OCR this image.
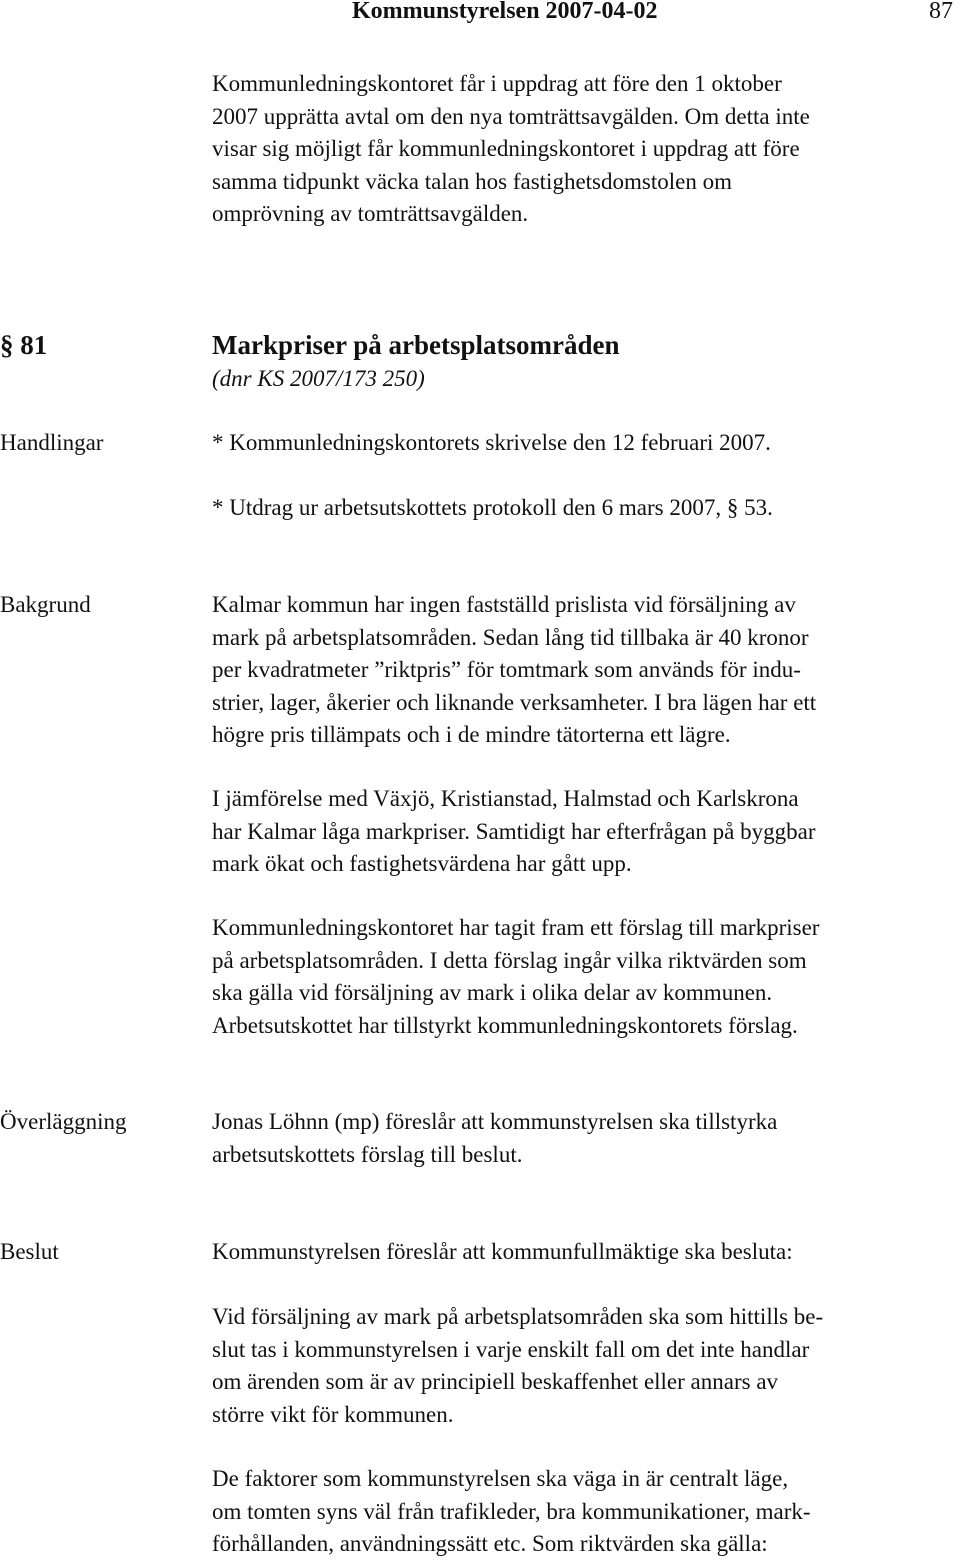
Kommunstyrelsen 2007-04-02	87
Kommunledningskontoret får i uppdrag att före den 1 oktober
2007 upprätta avtal om den nya tomträttsavgälden. Om detta inte
visar sig möjligt får kommunledningskontoret i uppdrag att före
samma tidpunkt väcka talan hos fastighetsdomstolen om
omprövning av tomträttsavgälden.
§ 81	Markpriser på arbetsplatsområden
(dnr KS 2007/173 250)
Handlingar	* Kommunledningskontorets skrivelse den 12 februari 2007.
* Utdrag ur arbetsutskottets protokoll den 6 mars 2007, § 53.
Bakgrund	Kalmar kommun har ingen fastställd prislista vid försäljning av
mark på arbetsplatsområden. Sedan lång tid tillbaka är 40 kronor
per kvadratmeter ”riktpris” för tomtmark som används för indu-
strier, lager, åkerier och liknande verksamheter. I bra lägen har ett
högre pris tillämpats och i de mindre tätorterna ett lägre.
I jämförelse med Växjö, Kristianstad, Halmstad och Karlskrona
har Kalmar låga markpriser. Samtidigt har efterfrågan på byggbar
mark ökat och fastighetsvärdena har gått upp.
Kommunledningskontoret har tagit fram ett förslag till markpriser
på arbetsplatsområden. I detta förslag ingår vilka riktvärden som
ska gälla vid försäljning av mark i olika delar av kommunen.
Arbetsutskottet har tillstyrkt kommunledningskontorets förslag.
Överläggning	Jonas Löhnn (mp) föreslår att kommunstyrelsen ska tillstyrka
arbetsutskottets förslag till beslut.
Beslut	Kommunstyrelsen föreslår att kommunfullmäktige ska besluta:
Vid försäljning av mark på arbetsplatsområden ska som hittills be-
slut tas i kommunstyrelsen i varje enskilt fall om det inte handlar
om ärenden som är av principiell beskaffenhet eller annars av
större vikt för kommunen.
De faktorer som kommunstyrelsen ska väga in är centralt läge,
om tomten syns väl från trafikleder, bra kommunikationer, mark-
förhållanden, användningssätt etc. Som riktvärden ska gälla:
